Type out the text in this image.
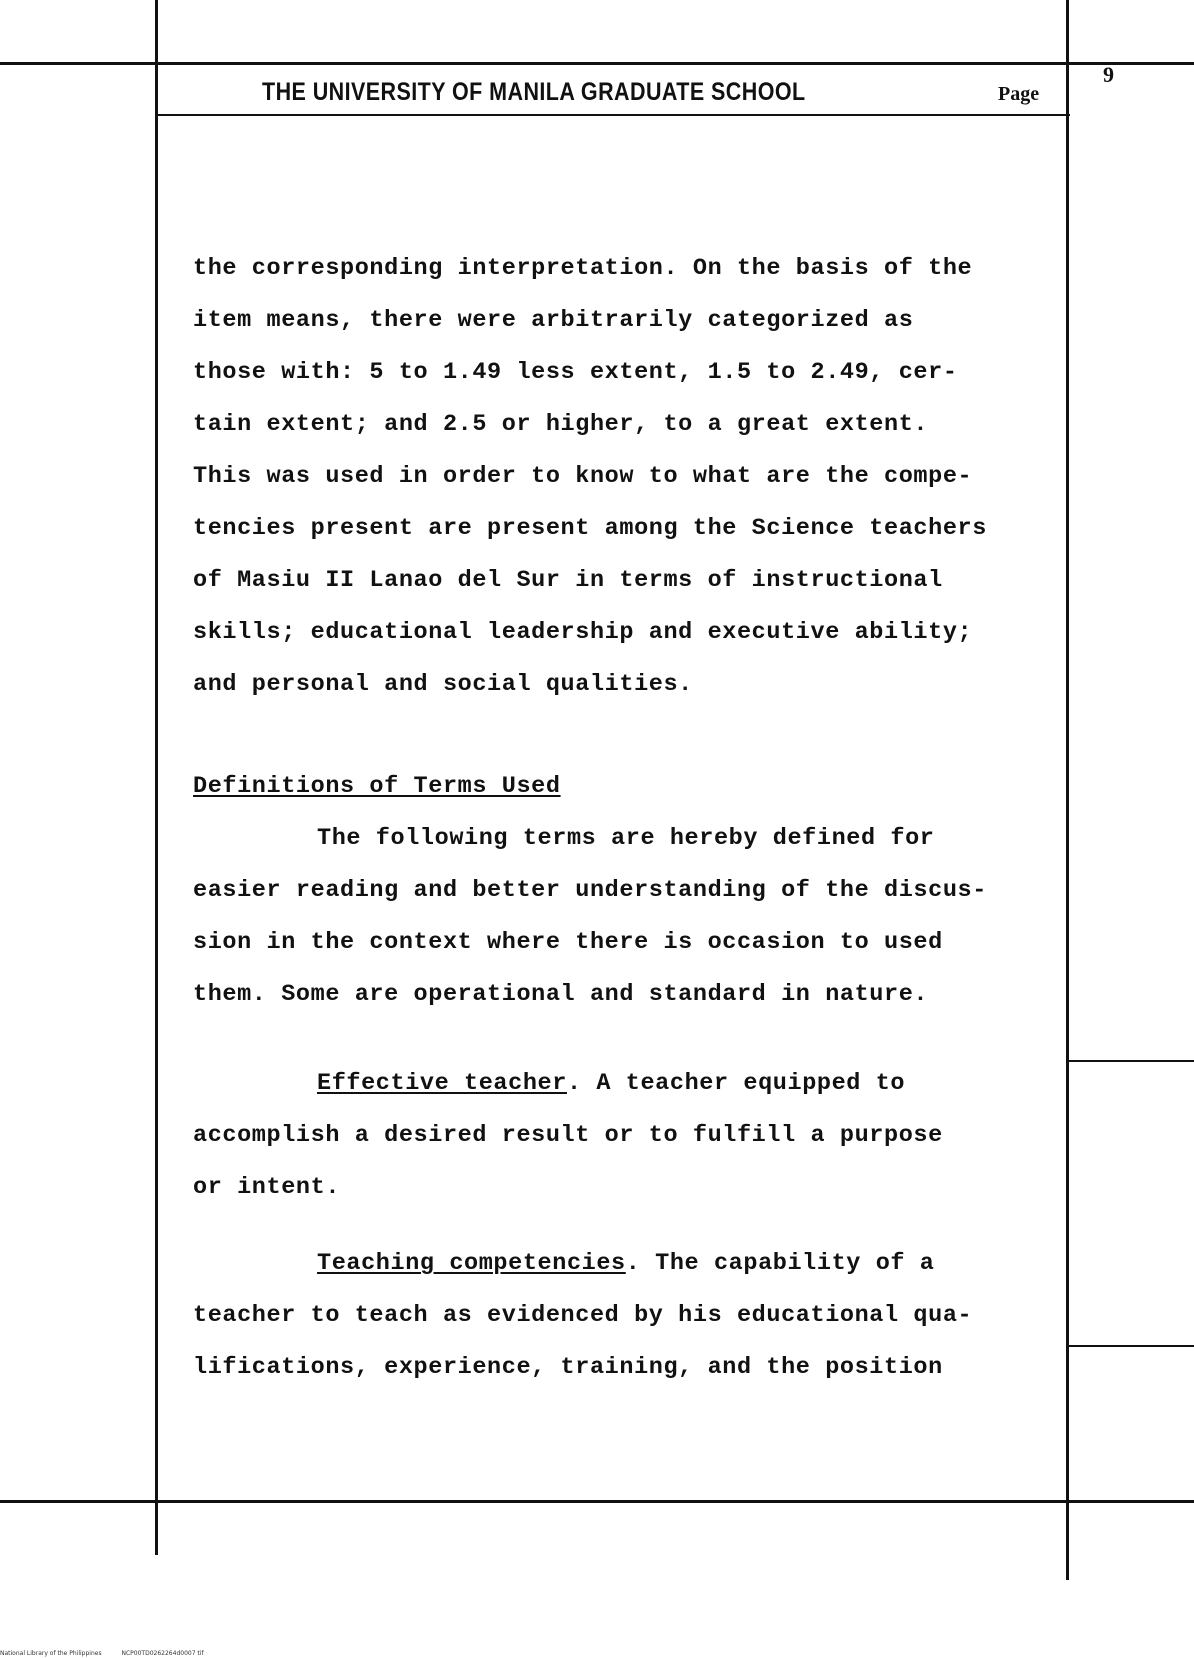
THE UNIVERSITY OF MANILA GRADUATE SCHOOL	Page
9
the corresponding interpretation. On the basis of the
item means, there were arbitrarily categorized as
those with: 5 to 1.49 less extent, 1.5 to 2.49, cer-
tain extent; and 2.5 or higher, to a great extent.
This was used in order to know to what are the compe-
tencies present are present among the Science teachers
of Masiu II Lanao del Sur in terms of instructional
skills; educational leadership and executive ability;
and personal and social qualities.
Definitions of Terms Used
The following terms are hereby defined for
easier reading and better understanding of the discus-
sion in the context where there is occasion to used
them. Some are operational and standard in nature.
Effective teacher. A teacher equipped to
accomplish a desired result or to fulfill a purpose
or intent.
Teaching competencies. The capability of a
teacher to teach as evidenced by his educational qua-
lifications, experience, training, and the position
National Library of the Philippines	NCP00TD0262264d0007 tif
